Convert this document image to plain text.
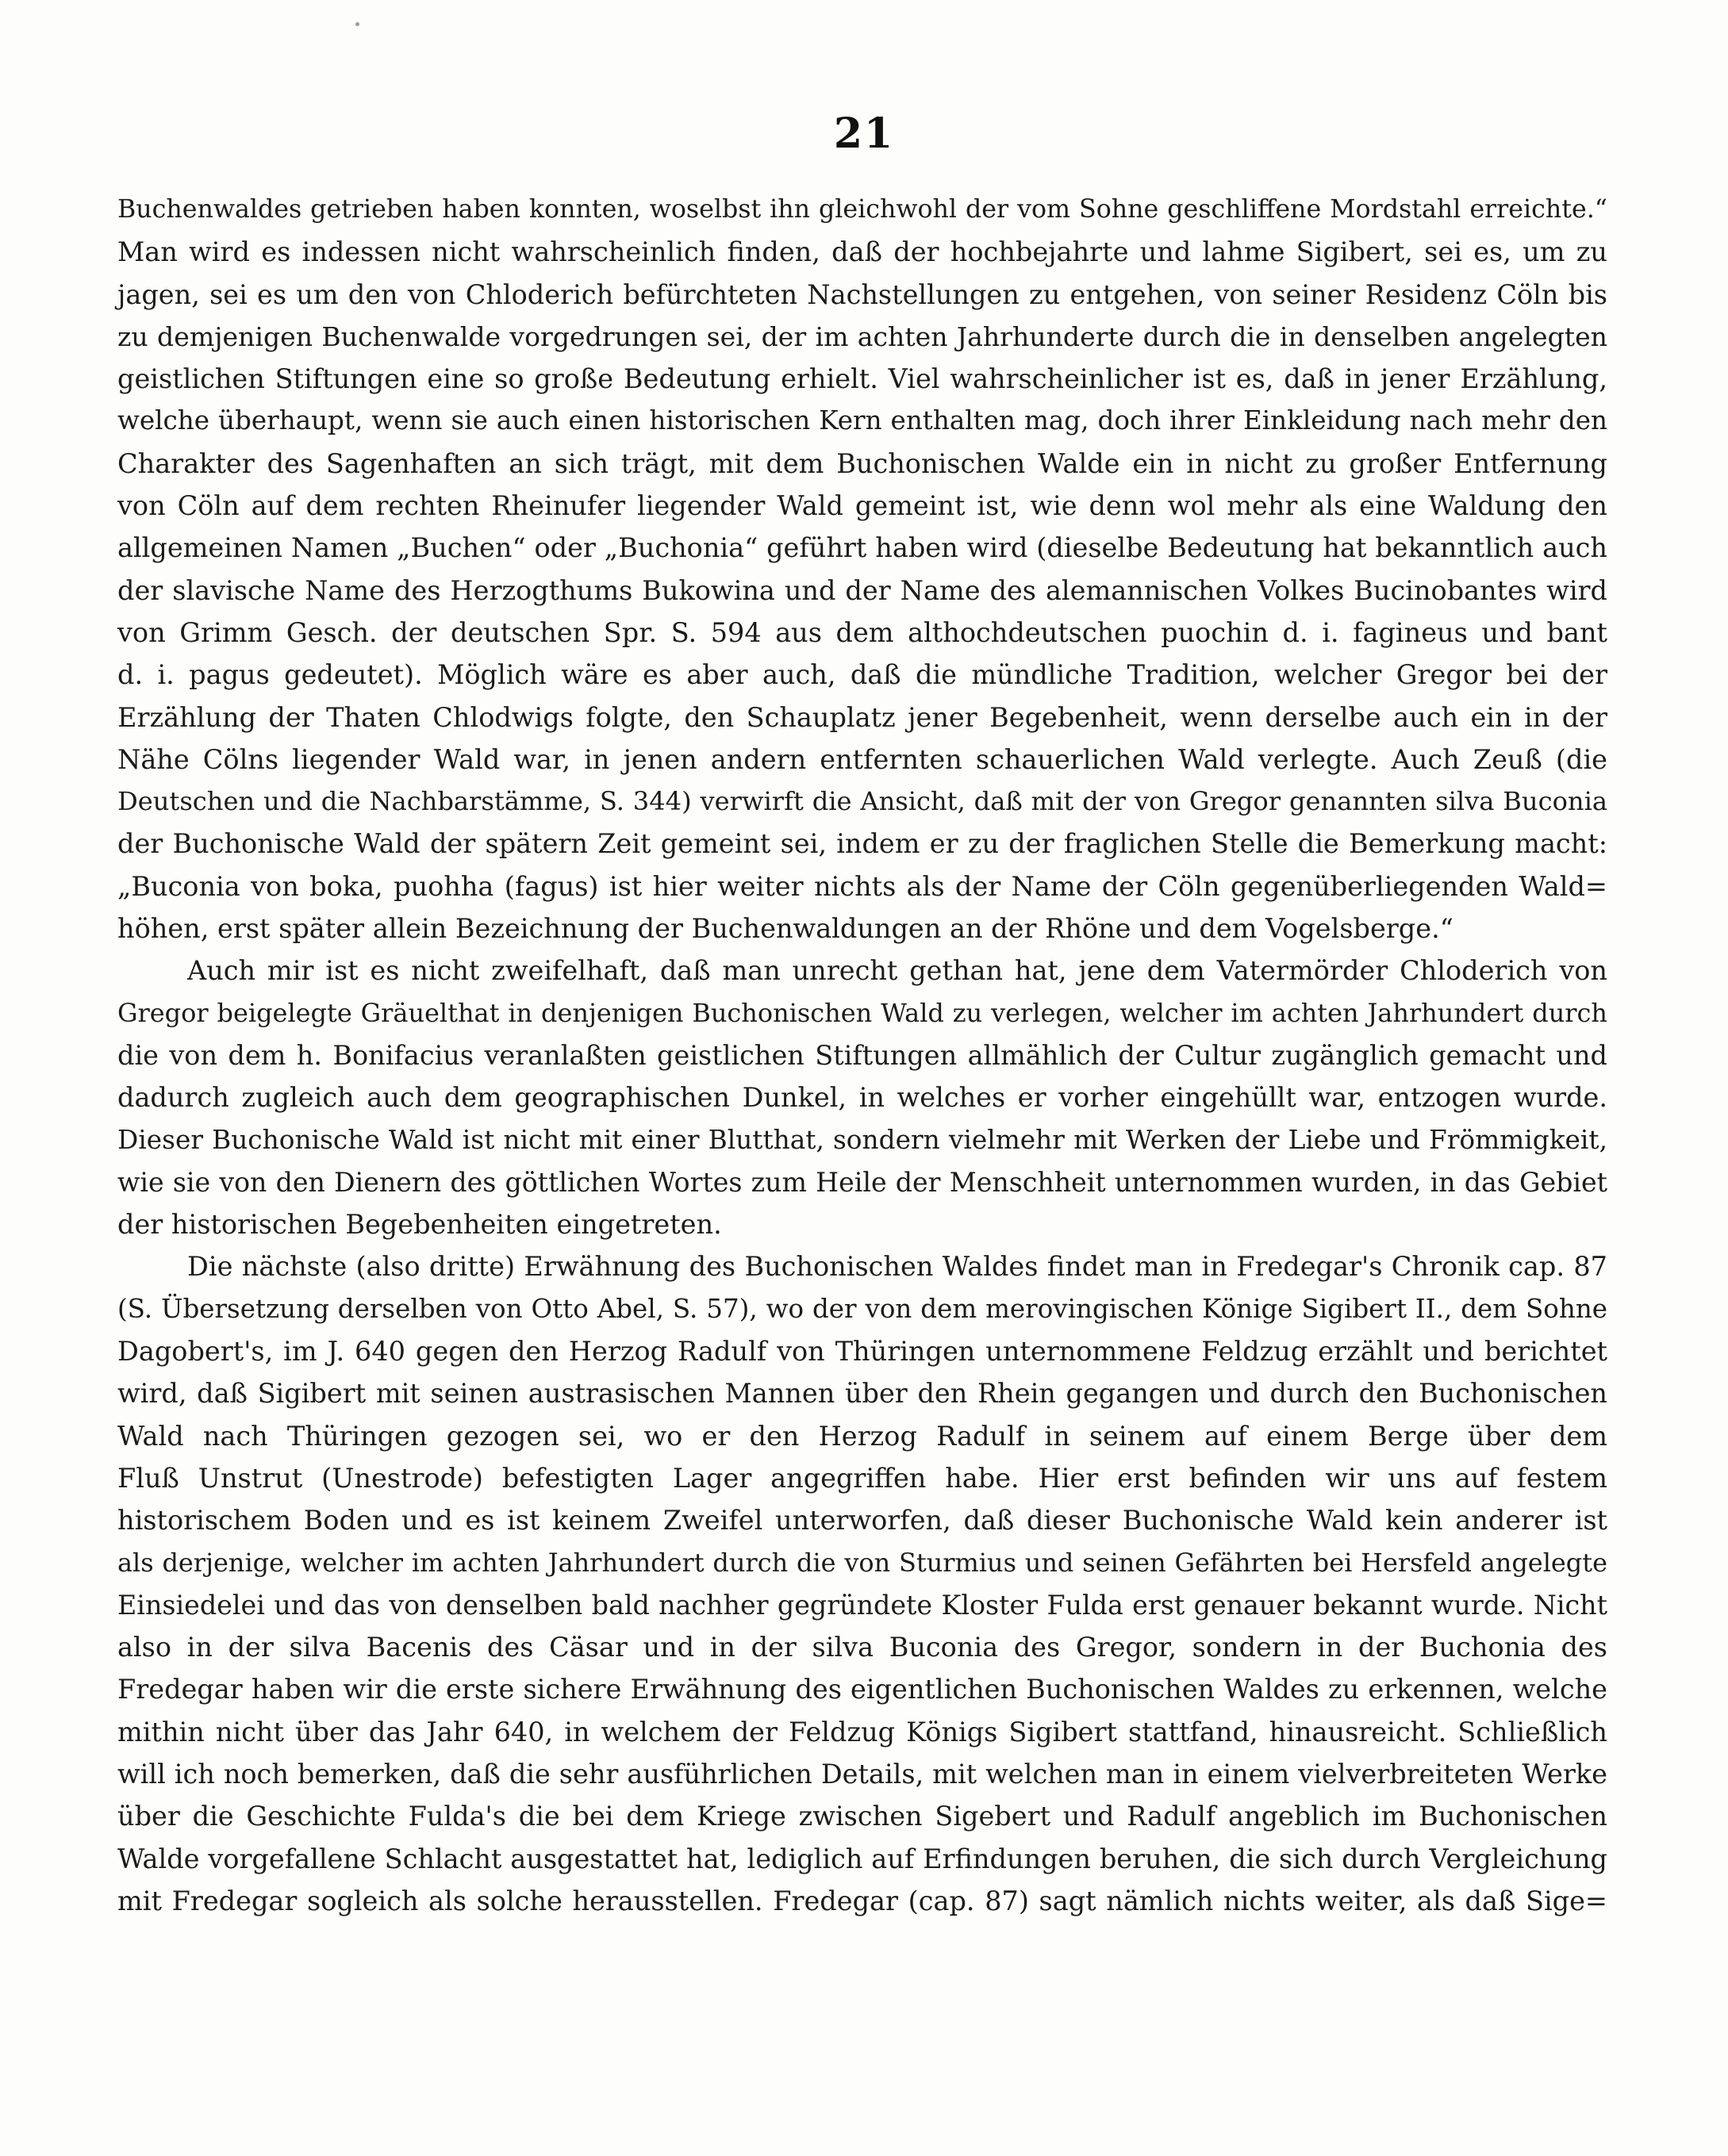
21
Buchenwaldes getrieben haben konnten, woselbst ihn gleichwohl der vom Sohne geschliffene Mordstahl erreichte.“
Man wird es indessen nicht wahrscheinlich finden, daß der hochbejahrte und lahme Sigibert, sei es, um zu
jagen, sei es um den von Chloderich befürchteten Nachstellungen zu entgehen, von seiner Residenz Cöln bis
zu demjenigen Buchenwalde vorgedrungen sei, der im achten Jahrhunderte durch die in denselben angelegten
geistlichen Stiftungen eine so große Bedeutung erhielt. Viel wahrscheinlicher ist es, daß in jener Erzählung,
welche überhaupt, wenn sie auch einen historischen Kern enthalten mag, doch ihrer Einkleidung nach mehr den
Charakter des Sagenhaften an sich trägt, mit dem Buchonischen Walde ein in nicht zu großer Entfernung
von Cöln auf dem rechten Rheinufer liegender Wald gemeint ist, wie denn wol mehr als eine Waldung den
allgemeinen Namen „Buchen“ oder „Buchonia“ geführt haben wird (dieselbe Bedeutung hat bekanntlich auch
der slavische Name des Herzogthums Bukowina und der Name des alemannischen Volkes Bucinobantes wird
von Grimm Gesch. der deutschen Spr. S. 594 aus dem althochdeutschen puochin d. i. fagineus und bant
d. i. pagus gedeutet). Möglich wäre es aber auch, daß die mündliche Tradition, welcher Gregor bei der
Erzählung der Thaten Chlodwigs folgte, den Schauplatz jener Begebenheit, wenn derselbe auch ein in der
Nähe Cölns liegender Wald war, in jenen andern entfernten schauerlichen Wald verlegte. Auch Zeuß (die
Deutschen und die Nachbarstämme, S. 344) verwirft die Ansicht, daß mit der von Gregor genannten silva Buconia
der Buchonische Wald der spätern Zeit gemeint sei, indem er zu der fraglichen Stelle die Bemerkung macht:
„Buconia von boka, puohha (fagus) ist hier weiter nichts als der Name der Cöln gegenüberliegenden Wald=
höhen, erst später allein Bezeichnung der Buchenwaldungen an der Rhöne und dem Vogelsberge.“
Auch mir ist es nicht zweifelhaft, daß man unrecht gethan hat, jene dem Vatermörder Chloderich von
Gregor beigelegte Gräuelthat in denjenigen Buchonischen Wald zu verlegen, welcher im achten Jahrhundert durch
die von dem h. Bonifacius veranlaßten geistlichen Stiftungen allmählich der Cultur zugänglich gemacht und
dadurch zugleich auch dem geographischen Dunkel, in welches er vorher eingehüllt war, entzogen wurde.
Dieser Buchonische Wald ist nicht mit einer Blutthat, sondern vielmehr mit Werken der Liebe und Frömmigkeit,
wie sie von den Dienern des göttlichen Wortes zum Heile der Menschheit unternommen wurden, in das Gebiet
der historischen Begebenheiten eingetreten.
Die nächste (also dritte) Erwähnung des Buchonischen Waldes findet man in Fredegar's Chronik cap. 87
(S. Übersetzung derselben von Otto Abel, S. 57), wo der von dem merovingischen Könige Sigibert II., dem Sohne
Dagobert's, im J. 640 gegen den Herzog Radulf von Thüringen unternommene Feldzug erzählt und berichtet
wird, daß Sigibert mit seinen austrasischen Mannen über den Rhein gegangen und durch den Buchonischen
Wald nach Thüringen gezogen sei, wo er den Herzog Radulf in seinem auf einem Berge über dem
Fluß Unstrut (Unestrode) befestigten Lager angegriffen habe. Hier erst befinden wir uns auf festem
historischem Boden und es ist keinem Zweifel unterworfen, daß dieser Buchonische Wald kein anderer ist
als derjenige, welcher im achten Jahrhundert durch die von Sturmius und seinen Gefährten bei Hersfeld angelegte
Einsiedelei und das von denselben bald nachher gegründete Kloster Fulda erst genauer bekannt wurde. Nicht
also in der silva Bacenis des Cäsar und in der silva Buconia des Gregor, sondern in der Buchonia des
Fredegar haben wir die erste sichere Erwähnung des eigentlichen Buchonischen Waldes zu erkennen, welche
mithin nicht über das Jahr 640, in welchem der Feldzug Königs Sigibert stattfand, hinausreicht. Schließlich
will ich noch bemerken, daß die sehr ausführlichen Details, mit welchen man in einem vielverbreiteten Werke
über die Geschichte Fulda's die bei dem Kriege zwischen Sigebert und Radulf angeblich im Buchonischen
Walde vorgefallene Schlacht ausgestattet hat, lediglich auf Erfindungen beruhen, die sich durch Vergleichung
mit Fredegar sogleich als solche herausstellen. Fredegar (cap. 87) sagt nämlich nichts weiter, als daß Sige=
